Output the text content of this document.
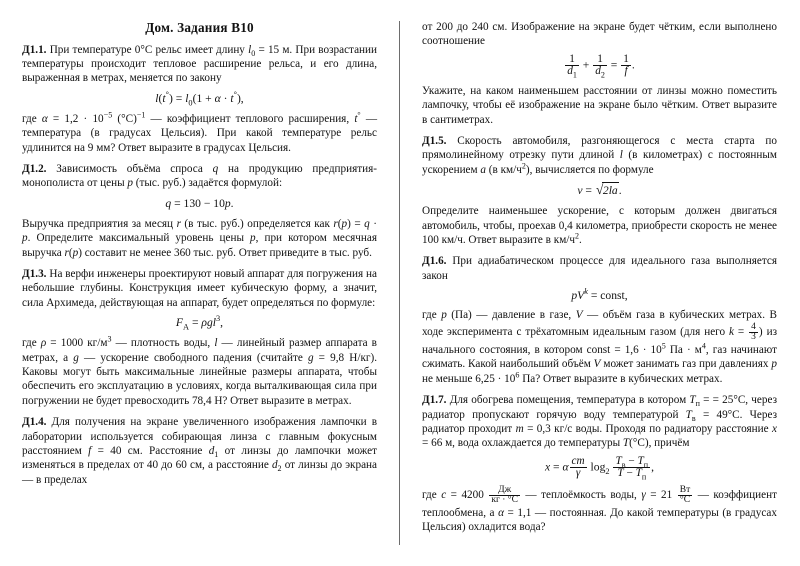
Дом. Задания В10

Д1.1. При температуре 0°C рельс имеет длину $l_0 = 15$ м. При возрастании температуры происходит тепловое расширение рельса, и его длина, выраженная в метрах, меняется по закону

$l(t^\circ) = l_0(1 + \alpha \cdot t^\circ)$,

где $\alpha = 1,2 \cdot 10^{-5}$ $(^\circ C)^{-1}$ — коэффициент теплового расширения, t° — температура (в градусах Цельсия). При какой температуре рельс удлинится на 9 мм? Ответ выразите в градусах Цельсия.

Д1.2. Зависимость объёма спроса q на продукцию предприятия-монополиста от цены p (тыс. руб.) задаётся формулой:

q = 130 − 10p.

Выручка предприятия за месяц r (в тыс. руб.) определяется как r(p) = q · p. Определите максимальный уровень цены p, при котором месячная выручка r(p) составит не менее 360 тыс. руб. Ответ приведите в тыс. руб.

Д1.3. На верфи инженеры проектируют новый аппарат для погружения на небольшие глубины. Конструкция имеет кубическую форму, а значит, сила Архимеда, действующая на аппарат, будет определяться по формуле:

$F_A = \rho gl^3$,

где ρ = 1000 $кг/м^3$ — плотность воды, l — линейный размер аппарата в метрах, а g — ускорение свободного падения (считайте g = 9,8 Н/кг). Каковы могут быть максимальные линейные размеры аппарата, чтобы обеспечить его эксплуатацию в условиях, когда выталкивающая сила при погружении не будет превосходить 78,4 Н? Ответ выразите в метрах.

Д1.4. Для получения на экране увеличенного изображения лампочки в лаборатории используется собирающая линза с главным фокусным расстоянием f = 40 см. Расстояние $d_1$ от линзы до лампочки может изменяться в пределах от 40 до 60 см, а расстояние $d_2$ от линзы до экрана — в пределах

от 200 до 240 см. Изображение на экране будет чётким, если выполнено соотношение

$\frac{1}{d_1} + \frac{1}{d_2} = \frac{1}{f}$ .

Укажите, на каком наименьшем расстоянии от линзы можно поместить лампочку, чтобы её изображение на экране было чётким. Ответ выразите в сантиметрах.

Д1.5. Скорость автомобиля, разгоняющегося с места старта по прямолинейному отрезку пути длиной l (в километрах) с постоянным ускорением a (в $км/ч^2$), вычисляется по формуле

v = √ 2la.

Определите наименьшее ускорение, с которым должен двигаться автомобиль, чтобы, проехав 0,4 километра, приобрести скорость не менее 100 км/ч. Ответ выразите в $км/ч^2$.

Д1.6. При адиабатическом процессе для идеального газа выполняется закон

$pV^k$ = const,

где p (Па) — давление в газе, V — объём газа в кубических метрах. В ходе эксперимента с трёхатомным идеальным газом (для него $k = \frac{4}{3}$ ) из начального состояния, в котором const = $1,6 \cdot 10^5$ Па · $м^4$, газ начинают сжимать. Какой наибольший объём V может занимать газ при давлениях p не меньше $6,25 \cdot 10^6$ Па? Ответ выразите в кубических метрах.

Д1.7. Для обогрева помещения, температура в котором $T_п$ = = 25°C, через радиатор пропускают горячую воду температурой $T_в = 49^\circ C$. Через радиатор проходит m = 0,3 кг/с воды. Проходя по радиатору расстояние x = 66 м, вода охлаждается до температуры T(°C), причём

x = α $\frac{cm}{\gamma} \log_2 \frac{T_в - T_п}{T - T_п}$ ,

где $c = 4200 \frac{Дж}{кг \cdot ^\circ C}$ — теплоёмкость воды, $\gamma = 21 \frac{Вт}{^\circ C}$ — коэффициент теплообмена, а α = 1,1 — постоянная. До какой температуры (в градусах Цельсия) охладится вода?
